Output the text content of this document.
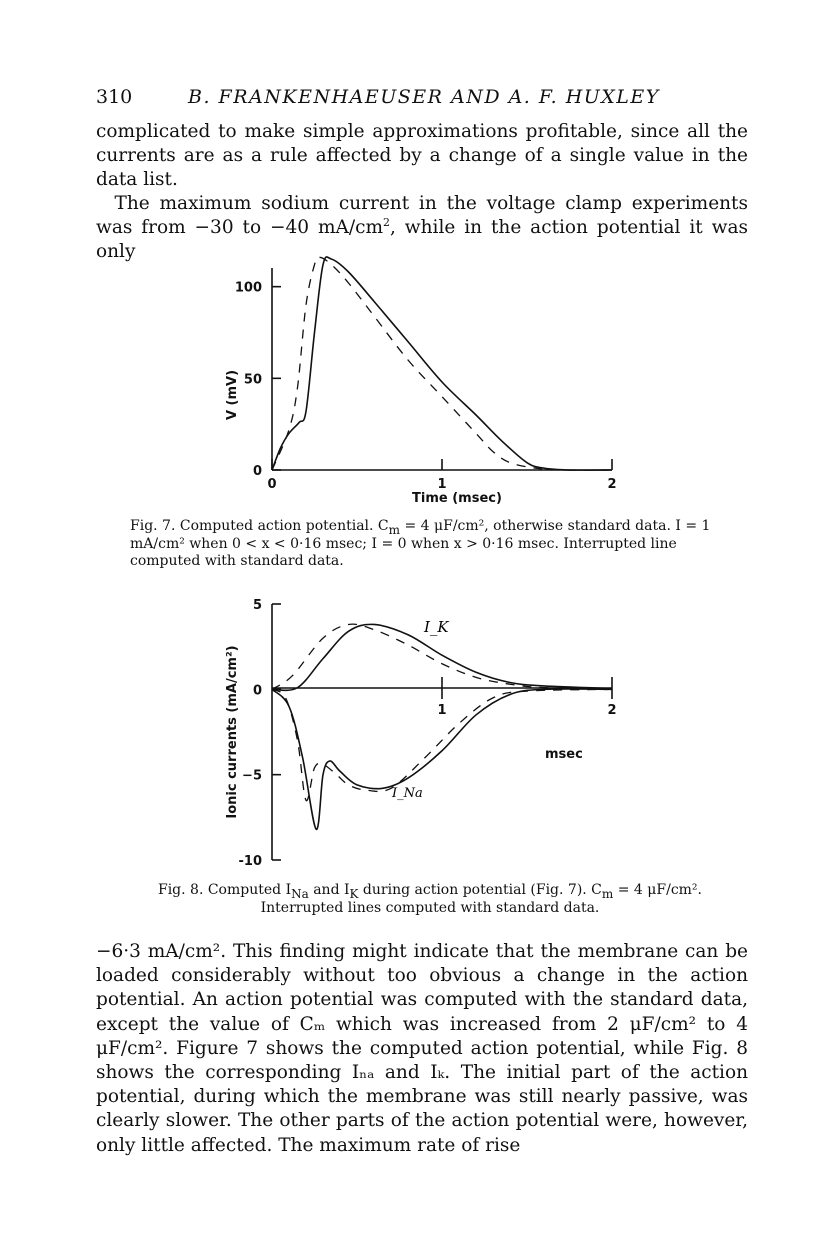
310	B. FRANKENHAEUSER AND A. F. HUXLEY

complicated to make simple approximations profitable, since all the currents are as a rule affected by a change of a single value in the data list.

 The maximum sodium current in the voltage clamp experiments was from −30 to −40 $mA/cm^2$, while in the action potential it was only

0
50
100
0	1	2
Time (msec)
V (mV)

Fig. 7. Computed action potential. $C_m = 4$ μF/cm², otherwise standard data. I = 1 mA/cm² when 0 < x < 0·16 msec; I = 0 when x > 0·16 msec. Interrupted line computed with standard data.

5
0
−5
-10
1	2
msec
Ionic currents (mA/cm²)
I_K
I_Na
Fig. 8. Computed $I_{Na}$ and $I_K$ during action potential (Fig. 7). $C_m = 4$ μF/cm².
Interrupted lines computed with standard data.

−6·3 mA/cm². This finding might indicate that the membrane can be loaded considerably without too obvious a change in the action potential. An action potential was computed with the standard data, except the value of Cₘ which was increased from 2 μF/cm² to 4 μF/cm². Figure 7 shows the computed action potential, while Fig. 8 shows the corresponding Iₙₐ and Iₖ. The initial part of the action potential, during which the membrane was still nearly passive, was clearly slower. The other parts of the action potential were, however, only little affected. The maximum rate of rise
